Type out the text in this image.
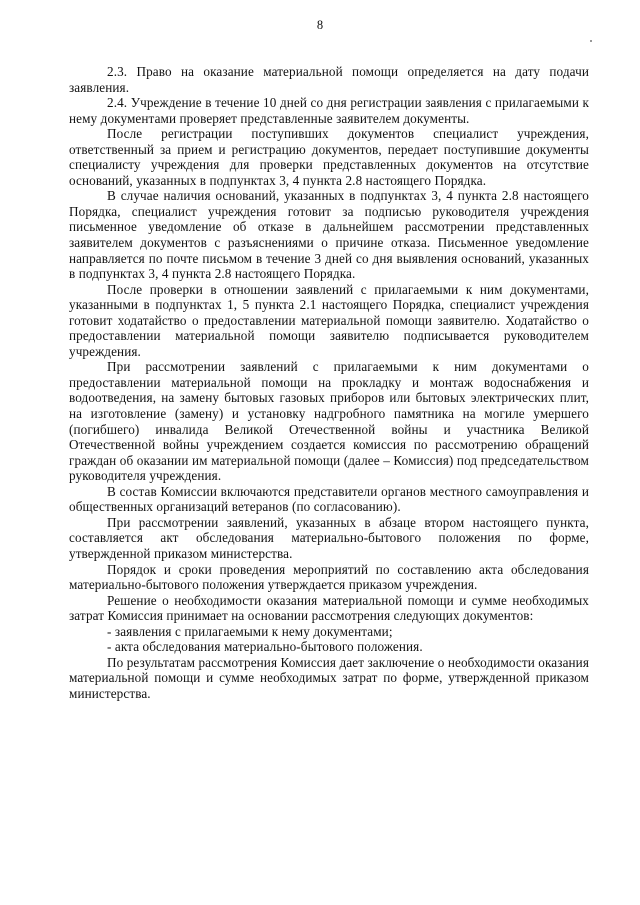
8

2.3. Право на оказание материальной помощи определяется на дату подачи заявления.

2.4. Учреждение в течение 10 дней со дня регистрации заявления с прилагаемыми к нему документами проверяет представленные заявителем документы.

После регистрации поступивших документов специалист учреждения, ответственный за прием и регистрацию документов, передает поступившие документы специалисту учреждения для проверки представленных документов на отсутствие оснований, указанных в подпунктах 3, 4 пункта 2.8 настоящего Порядка.

В случае наличия оснований, указанных в подпунктах 3, 4 пункта 2.8 настоящего Порядка, специалист учреждения готовит за подписью руководителя учреждения письменное уведомление об отказе в дальнейшем рассмотрении представленных заявителем документов с разъяснениями о причине отказа. Письменное уведомление направляется по почте письмом в течение 3 дней со дня выявления оснований, указанных в подпунктах 3, 4 пункта 2.8 настоящего Порядка.

После проверки в отношении заявлений с прилагаемыми к ним документами, указанными в подпунктах 1, 5 пункта 2.1 настоящего Порядка, специалист учреждения готовит ходатайство о предоставлении материальной помощи заявителю. Ходатайство о предоставлении материальной помощи заявителю подписывается руководителем учреждения.

При рассмотрении заявлений с прилагаемыми к ним документами о предоставлении материальной помощи на прокладку и монтаж водоснабжения и водоотведения, на замену бытовых газовых приборов или бытовых электрических плит, на изготовление (замену) и установку надгробного памятника на могиле умершего (погибшего) инвалида Великой Отечественной войны и участника Великой Отечественной войны учреждением создается комиссия по рассмотрению обращений граждан об оказании им материальной помощи (далее – Комиссия) под председательством руководителя учреждения.

В состав Комиссии включаются представители органов местного самоуправления и общественных организаций ветеранов (по согласованию).

При рассмотрении заявлений, указанных в абзаце втором настоящего пункта, составляется акт обследования материально-бытового положения по форме, утвержденной приказом министерства.

Порядок и сроки проведения мероприятий по составлению акта обследования материально-бытового положения утверждается приказом учреждения.

Решение о необходимости оказания материальной помощи и сумме необходимых затрат Комиссия принимает на основании рассмотрения следующих документов:

- заявления с прилагаемыми к нему документами;

- акта обследования материально-бытового положения.

По результатам рассмотрения Комиссия дает заключение о необходимости оказания материальной помощи и сумме необходимых затрат по форме, утвержденной приказом министерства.
